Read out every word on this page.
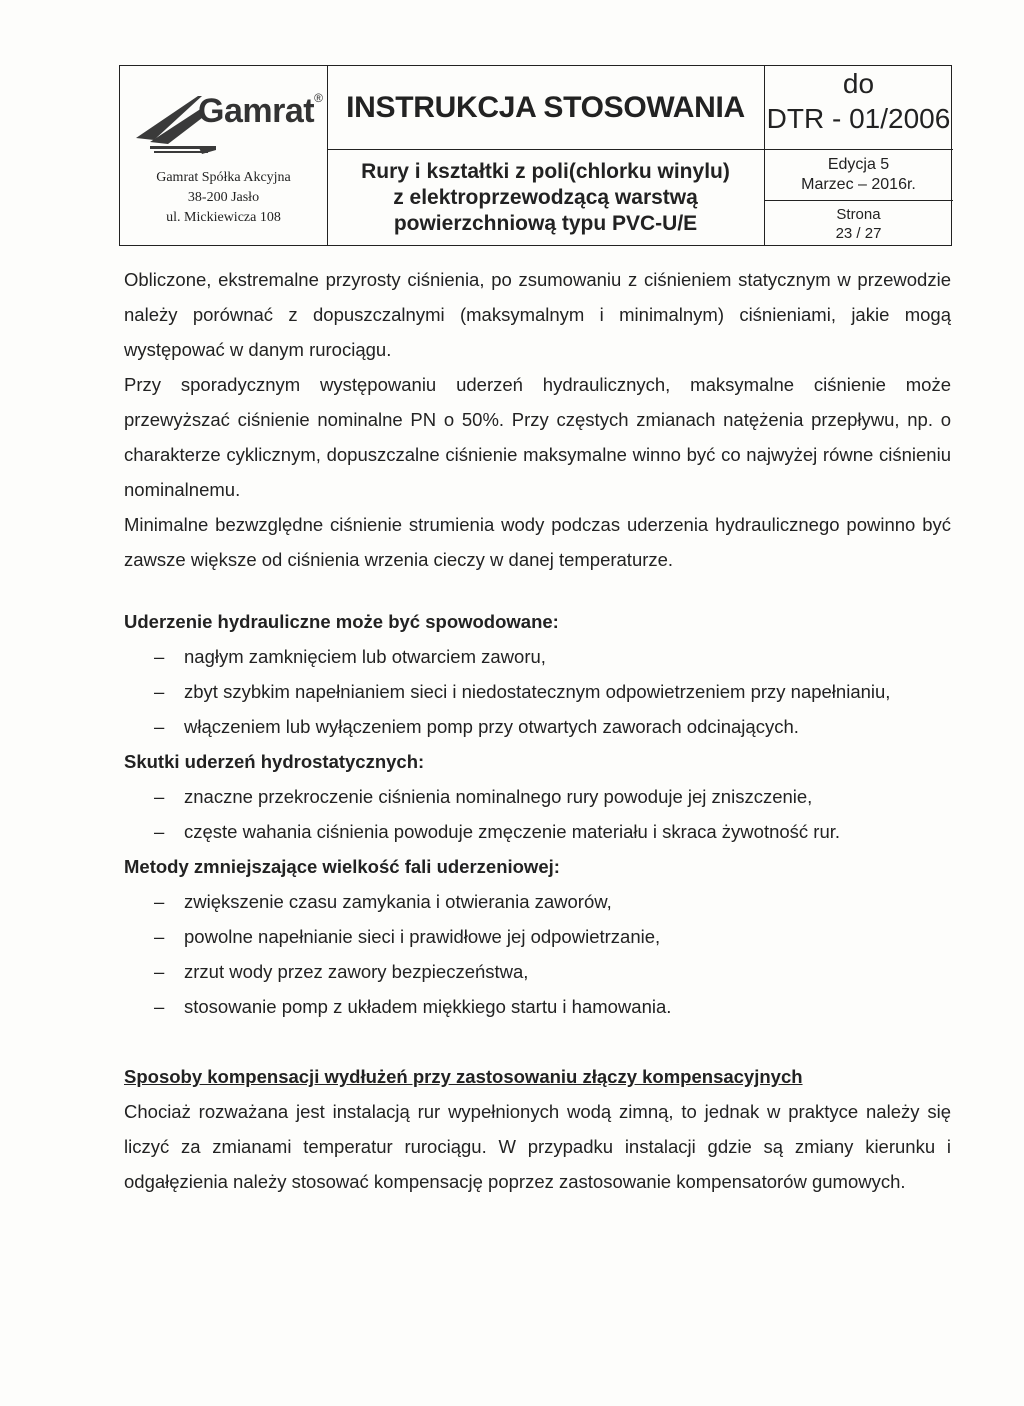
Gamrat®
Gamrat Spółka Akcyjna
38-200 Jasło
ul. Mickiewicza 108
INSTRUKCJA STOSOWANIA
Rury i kształtki z poli(chlorku winylu)
z elektroprzewodzącą warstwą
powierzchniową typu PVC-U/E
do
DTR - 01/2006
Edycja 5
Marzec – 2016r.
Strona
23 / 27

Obliczone, ekstremalne przyrosty ciśnienia, po zsumowaniu z ciśnieniem statycznym w przewodzie należy porównać z dopuszczalnymi (maksymalnym i minimalnym) ciśnieniami, jakie mogą występować w danym rurociągu.

Przy sporadycznym występowaniu uderzeń hydraulicznych, maksymalne ciśnienie może przewyższać ciśnienie nominalne PN o 50%. Przy częstych zmianach natężenia przepływu, np. o charakterze cyklicznym, dopuszczalne ciśnienie maksymalne winno być co najwyżej równe ciśnieniu nominalnemu.

Minimalne bezwzględne ciśnienie strumienia wody podczas uderzenia hydraulicznego powinno być zawsze większe od ciśnienia wrzenia cieczy w danej temperaturze.

Uderzenie hydrauliczne może być spowodowane:

– nagłym zamknięciem lub otwarciem zaworu,
– zbyt szybkim napełnianiem sieci i niedostatecznym odpowietrzeniem przy napełnianiu,
– włączeniem lub wyłączeniem pomp przy otwartych zaworach odcinających.

Skutki uderzeń hydrostatycznych:

– znaczne przekroczenie ciśnienia nominalnego rury powoduje jej zniszczenie,
– częste wahania ciśnienia powoduje zmęczenie materiału i skraca żywotność rur.

Metody zmniejszające wielkość fali uderzeniowej:

– zwiększenie czasu zamykania i otwierania zaworów,
– powolne napełnianie sieci i prawidłowe jej odpowietrzanie,
– zrzut wody przez zawory bezpieczeństwa,
– stosowanie pomp z układem miękkiego startu i hamowania.

Sposoby kompensacji wydłużeń przy zastosowaniu złączy kompensacyjnych

Chociaż rozważana jest instalacją rur wypełnionych wodą zimną, to jednak w praktyce należy się liczyć za zmianami temperatur rurociągu. W przypadku instalacji gdzie są zmiany kierunku i odgałęzienia należy stosować kompensację poprzez zastosowanie kompensatorów gumowych.
